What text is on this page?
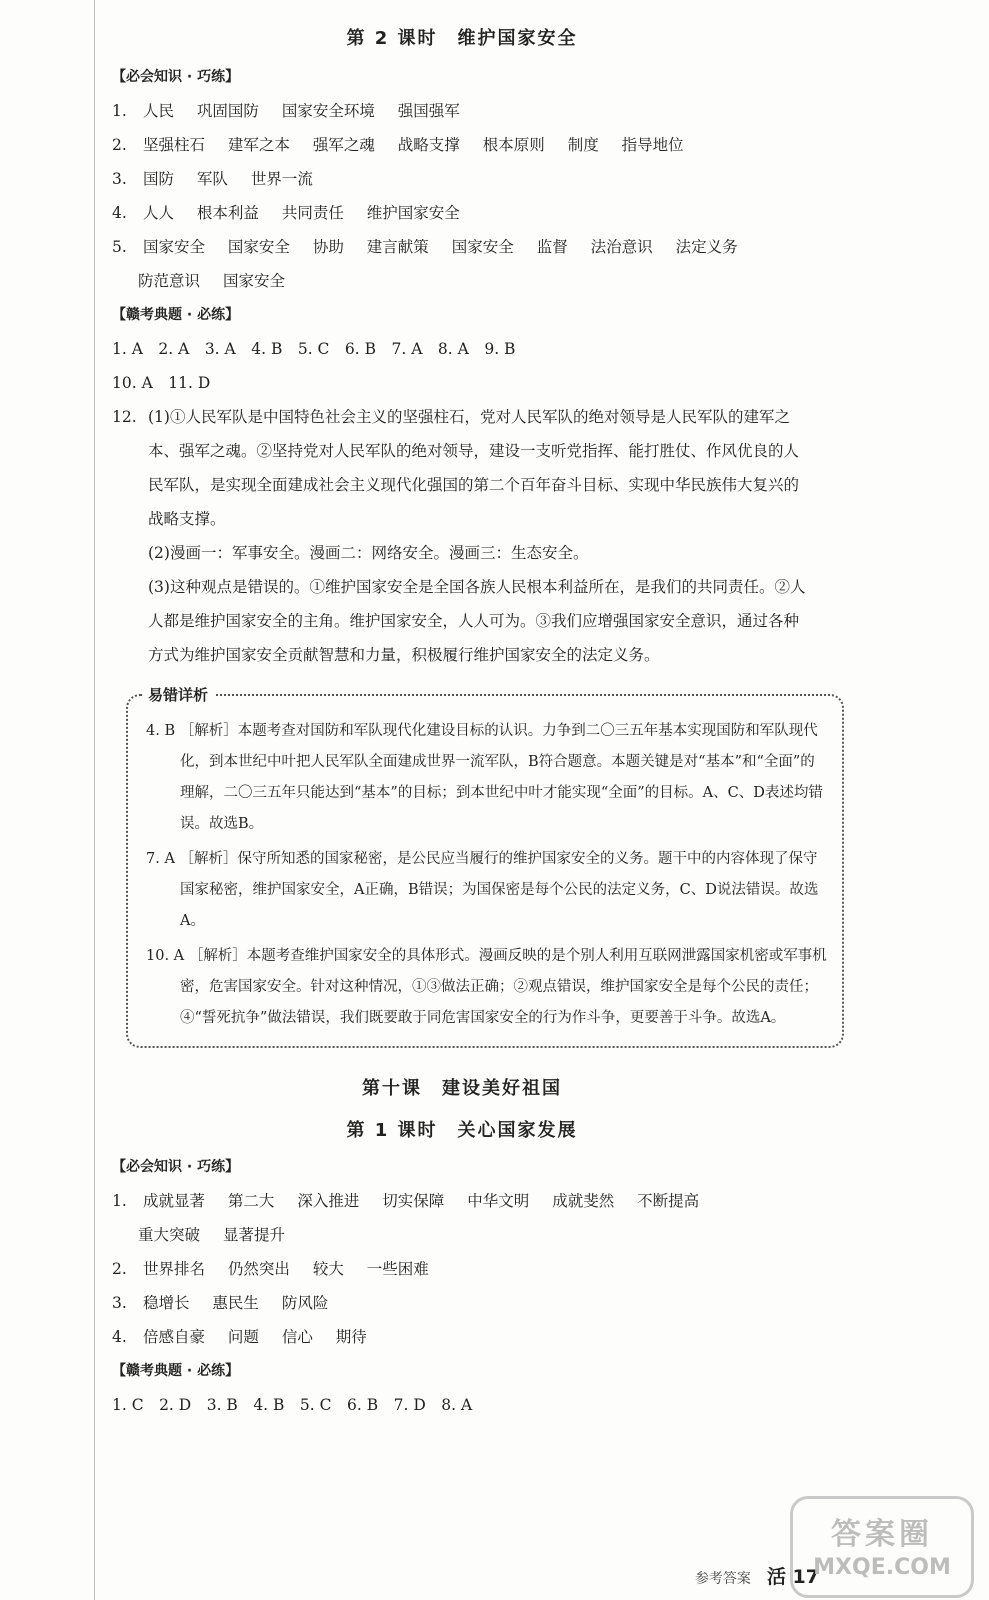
第 2 课时　维护国家安全
【必会知识 · 巧练】
1. 人民 巩固国防 国家安全环境 强国强军
2. 坚强柱石 建军之本 强军之魂 战略支撑 根本原则 制度 指导地位
3. 国防 军队 世界一流
4. 人人 根本利益 共同责任 维护国家安全
5. 国家安全 国家安全 协助 建言献策 国家安全 监督 法治意识 法定义务
防范意识 国家安全
【赣考典题 · 必练】
1. A　2. A　3. A　4. B　5. C　6. B　7. A　8. A　9. B
10. A　11. D
12. (1)①人民军队是中国特色社会主义的坚强柱石，党对人民军队的绝对领导是人民军队的建军之本、强军之魂。②坚持党对人民军队的绝对领导，建设一支听党指挥、能打胜仗、作风优良的人民军队，是实现全面建成社会主义现代化强国的第二个百年奋斗目标、实现中华民族伟大复兴的战略支撑。
(2)漫画一：军事安全。漫画二：网络安全。漫画三：生态安全。
(3)这种观点是错误的。①维护国家安全是全国各族人民根本利益所在，是我们的共同责任。②人人都是维护国家安全的主角。维护国家安全，人人可为。③我们应增强国家安全意识，通过各种方式为维护国家安全贡献智慧和力量，积极履行维护国家安全的法定义务。
易错详析
4. B ［解析］本题考查对国防和军队现代化建设目标的认识。力争到二〇三五年基本实现国防和军队现代化，到本世纪中叶把人民军队全面建成世界一流军队，B符合题意。本题关键是对“基本”和“全面”的理解，二〇三五年只能达到“基本”的目标；到本世纪中叶才能实现“全面”的目标。A、C、D表述均错误。故选B。
7. A ［解析］保守所知悉的国家秘密，是公民应当履行的维护国家安全的义务。题干中的内容体现了保守国家秘密，维护国家安全，A正确，B错误；为国保密是每个公民的法定义务，C、D说法错误。故选A。
10. A ［解析］本题考查维护国家安全的具体形式。漫画反映的是个别人利用互联网泄露国家机密或军事机密，危害国家安全。针对这种情况，①③做法正确；②观点错误，维护国家安全是每个公民的责任；④“誓死抗争”做法错误，我们既要敢于同危害国家安全的行为作斗争，更要善于斗争。故选A。
第十课　建设美好祖国
第 1 课时　关心国家发展
【必会知识 · 巧练】
1. 成就显著 第二大 深入推进 切实保障 中华文明 成就斐然 不断提高
重大突破 显著提升
2. 世界排名 仍然突出 较大 一些困难
3. 稳增长 惠民生 防风险
4. 倍感自豪 问题 信心 期待
【赣考典题 · 必练】
1. C　2. D　3. B　4. B　5. C　6. B　7. D　8. A
参考答案 活 17
答案圈
MXQE.COM
